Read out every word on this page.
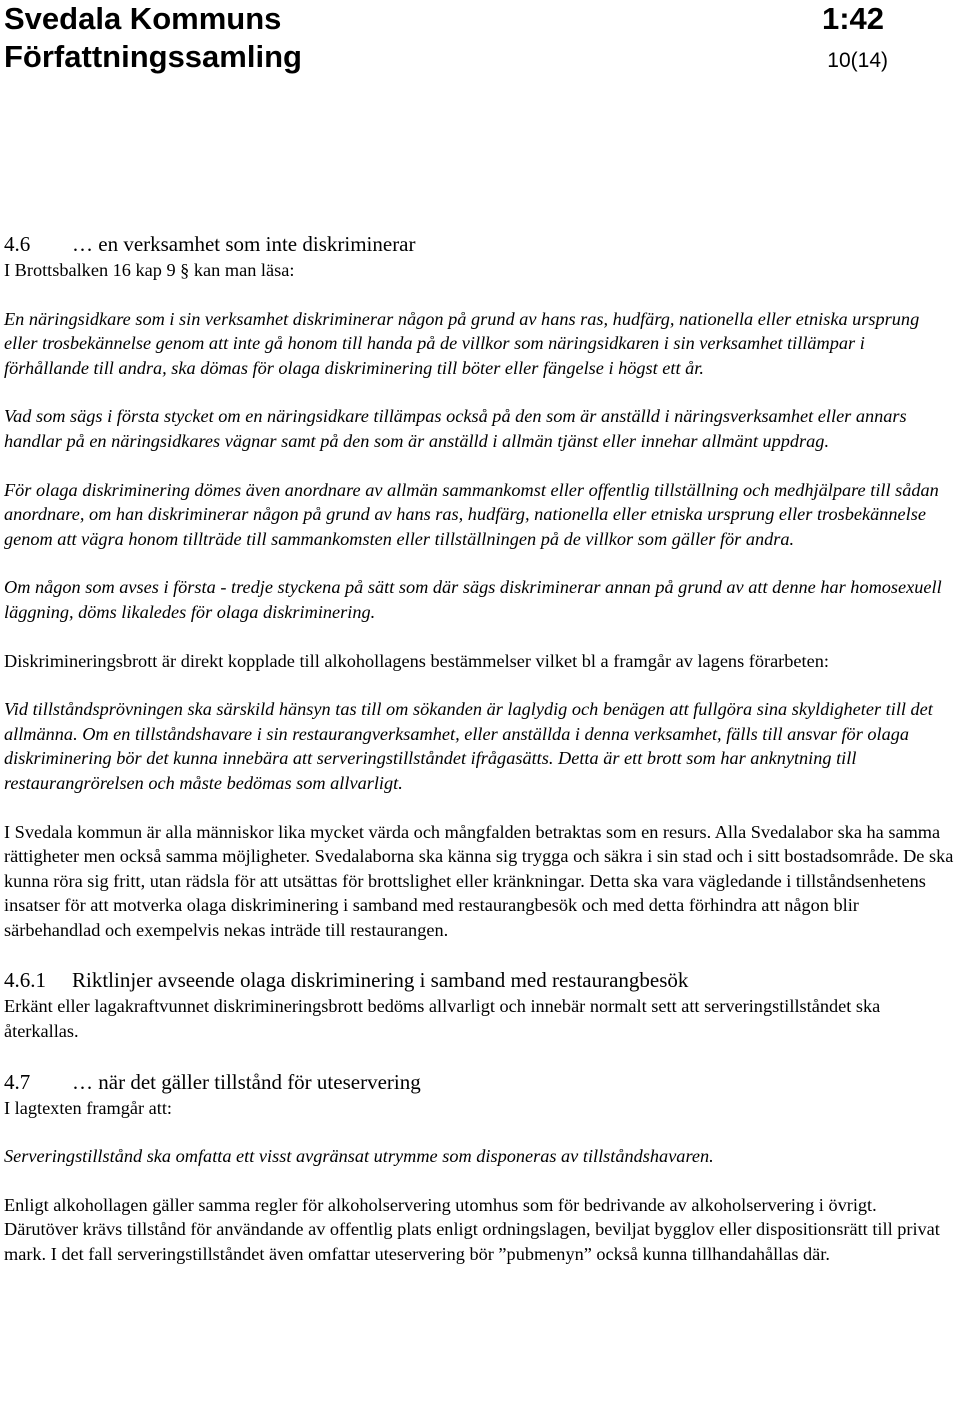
Svedala Kommuns	1:42
Författningssamling	10(14)

4.6 … en verksamhet som inte diskriminerar

I Brottsbalken 16 kap 9 § kan man läsa:

En näringsidkare som i sin verksamhet diskriminerar någon på grund av hans ras, hudfärg, nationella eller etniska ursprung eller trosbekännelse genom att inte gå honom till handa på de villkor som näringsidkaren i sin verksamhet tillämpar i förhållande till andra, ska dömas för olaga diskriminering till böter eller fängelse i högst ett år.

Vad som sägs i första stycket om en näringsidkare tillämpas också på den som är anställd i näringsverksamhet eller annars handlar på en näringsidkares vägnar samt på den som är anställd i allmän tjänst eller innehar allmänt uppdrag.

För olaga diskriminering dömes även anordnare av allmän sammankomst eller offentlig tillställning och medhjälpare till sådan anordnare, om han diskriminerar någon på grund av hans ras, hudfärg, nationella eller etniska ursprung eller trosbekännelse genom att vägra honom tillträde till sammankomsten eller tillställningen på de villkor som gäller för andra.

Om någon som avses i första - tredje styckena på sätt som där sägs diskriminerar annan på grund av att denne har homosexuell läggning, döms likaledes för olaga diskriminering.

Diskrimineringsbrott är direkt kopplade till alkohollagens bestämmelser vilket bl a framgår av lagens förarbeten:

Vid tillståndsprövningen ska särskild hänsyn tas till om sökanden är laglydig och benägen att fullgöra sina skyldigheter till det allmänna. Om en tillståndshavare i sin restaurangverksamhet, eller anställda i denna verksamhet, fälls till ansvar för olaga diskriminering bör det kunna innebära att serveringstillståndet ifrågasätts. Detta är ett brott som har anknytning till restaurangrörelsen och måste bedömas som allvarligt.

I Svedala kommun är alla människor lika mycket värda och mångfalden betraktas som en resurs. Alla Svedalabor ska ha samma rättigheter men också samma möjligheter. Svedalaborna ska känna sig trygga och säkra i sin stad och i sitt bostadsområde. De ska kunna röra sig fritt, utan rädsla för att utsättas för brottslighet eller kränkningar. Detta ska vara vägledande i tillståndsenhetens insatser för att motverka olaga diskriminering i samband med restaurangbesök och med detta förhindra att någon blir särbehandlad och exempelvis nekas inträde till restaurangen.

4.6.1 Riktlinjer avseende olaga diskriminering i samband med restaurangbesök

Erkänt eller lagakraftvunnet diskrimineringsbrott bedöms allvarligt och innebär normalt sett att serveringstillståndet ska återkallas.

4.7 … när det gäller tillstånd för uteservering

I lagtexten framgår att:

Serveringstillstånd ska omfatta ett visst avgränsat utrymme som disponeras av tillståndshavaren.

Enligt alkohollagen gäller samma regler för alkoholservering utomhus som för bedrivande av alkoholservering i övrigt. Därutöver krävs tillstånd för användande av offentlig plats enligt ordningslagen, beviljat bygglov eller dispositionsrätt till privat mark. I det fall serveringstillståndet även omfattar uteservering bör ”pubmenyn” också kunna tillhandahållas där.
